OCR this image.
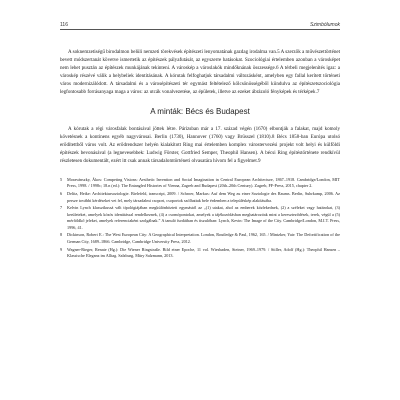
116	Szimbólumok

A soknemzetiségű birodalmon belüli nemzeti törekvések építészeti lenyomatának gazdag irodalma van.5 A szerzők a művészettörténet bevett módszertanát követve ismertetik az építészek pályafutását, az egyszerre hatásokat. Szociológiai értelemben azonban a városképet nem lehet pusztán az építészek munkájának tekinteni. A városkép a városlakók mindőknának összessége.6 A térbeli megjelenítés igaz: a városkép részévé válik a helybeliek identitásának. A kórutak felfoghatjuk társadalmi változásként, amelyben egy fallal kerített történeti város modernizálódott. A társadalmi és a városépítészeti tér egymást feltételező kölcsönösségéből kiindulva az építészetszociológia legfontosabb forrásanyaga maga a város: az utcák vonalvezetése, az épületek, illetve az ezeket ábrázoló fényképek és térképek.7

A minták: Bécs és Budapest

A kórutak a régi városfalak bontásával jöttek létre. Párizsban már a 17. század végén (1670) elbontják a falakat, majd komoly követésnek a kontinens egyéb nagyvárosai. Berlin (1730), Hannover (1760) vagy Brüsszel (1810).8 Bécs 1858-ban Európa utolsó erődítettből város volt. Az erődrendszer helyén kialakított Ring mai értelemben komplex várostervezési projekt volt helyi és külföldi építészek bevonásával (a legnevesebbek: Ludwig Förster, Gottfried Semper, Theophil Hansen). A bécsi Ring építéstörténete rendkívül részletesen dokumentált, ezért itt csak annak társadalomtörténeti olvasatára hívom fel a figyelmet.9

5	Moravánszky, Ákos: Competing Visions: Aesthetic Invention and Social Imagination in Central European Architecture, 1867–1918. Cambridge/London, MIT Press, 1998. / 1998c; 18.n (ed.): The Entangled Histories of Vienna, Zagreb and Budapest (20th–20th Century). Zagreb, FF-Press, 2015, chapter 2.
6	Delitz, Heike: Architektursoziologie. Bielefeld, transcript, 2009. / Schroer, Markus: Auf dem Weg zu einer Soziologie des Raums. Berlin, Suhrkamp, 2006. Az persze további kérdéseket vet fel, mely társadalmi csoport, csoportok szólhattak bele érdemben a településkép alakításába.
7	Kelvin Lynch klasszikussá vált típológiájában megkülönbözteti egymástól az „(1) utakat, ahol az emberek közlekednek, (2) a széleket vagy határokat, (3) kerületeket, amelyek közös identitással rendelkeznek, (4) a csomópontokat, amelyek a tájékozódásban meghatározóak mint a kereszteződések, terek, végül a (5) mérföldkő jeleket, amelyek referenciaként szolgálnak.” A tanuló furdáiban és tiszulóban: Lynch, Kevin: The Image of the City. Cambridge/London, M.I.T. Press, 1996, 41.
8	Dickinson, Robert E.: The West European City: A Geographical Interpretation. London, Routledge & Paul, 1962, 165. / Mintzker, Yair: The Defortification of the German City, 1689–1866. Cambridge, Cambridge University Press, 2012.
9	Wagner-Rieger, Renate (Hg.): Die Wiener Ringstraße. Bild einer Epoche, 11 vol. Wiesbaden, Steiner, 1969–1979. / Stiller, Adolf (Hg.): Theophil Hansen – Klassische Eleganz im Alltag. Salzburg, Müry Salzmann, 2013.
